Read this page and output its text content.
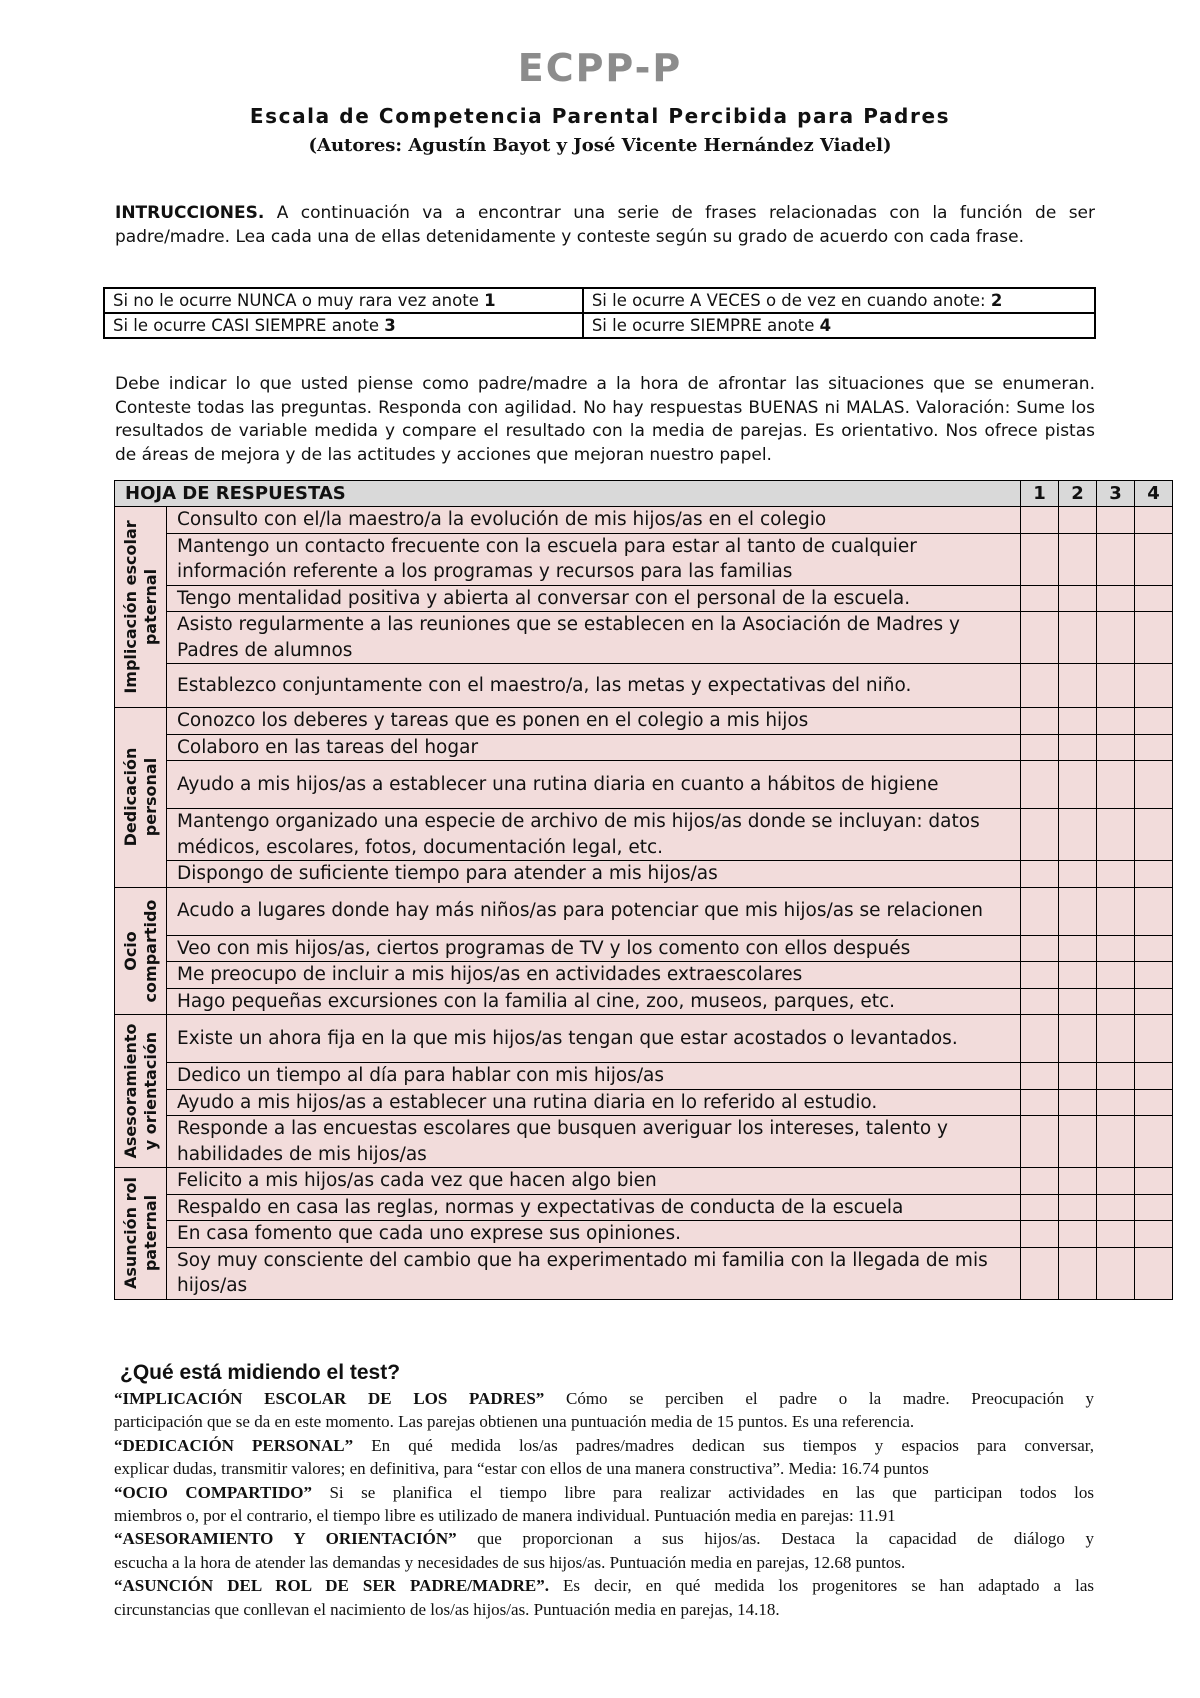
ECPP-P
Escala de Competencia Parental Percibida para Padres
(Autores: Agustín Bayot y José Vicente Hernández Viadel)
INTRUCCIONES. A continuación va a encontrar una serie de frases relacionadas con la función de ser padre/madre. Lea cada una de ellas detenidamente y conteste según su grado de acuerdo con cada frase.
Si no le ocurre NUNCA o muy rara vez anote 1	Si le ocurre A VECES o de vez en cuando anote: 2
Si le ocurre CASI SIEMPRE anote 3	Si le ocurre SIEMPRE anote 4
Debe indicar lo que usted piense como padre/madre a la hora de afrontar las situaciones que se enumeran. Conteste todas las preguntas. Responda con agilidad. No hay respuestas BUENAS ni MALAS. Valoración: Sume los resultados de variable medida y compare el resultado con la media de parejas. Es orientativo. Nos ofrece pistas de áreas de mejora y de las actitudes y acciones que mejoran nuestro papel.
HOJA DE RESPUESTAS		1	2	3	4

Implicación escolar paternal	Consulto con el/la maestro/a la evolución de mis hijos/as en el colegio				
	Mantengo un contacto frecuente con la escuela para estar al tanto de cualquier información referente a los programas y recursos para las familias				
	Tengo mentalidad positiva y abierta al conversar con el personal de la escuela.				
	Asisto regularmente a las reuniones que se establecen en la Asociación de Madres y Padres de alumnos				
	Establezco conjuntamente con el maestro/a, las metas y expectativas del niño.				

Dedicación personal	Conozco los deberes y tareas que es ponen en el colegio a mis hijos				
	Colaboro en las tareas del hogar				
	Ayudo a mis hijos/as a establecer una rutina diaria en cuanto a hábitos de higiene				
	Mantengo organizado una especie de archivo de mis hijos/as donde se incluyan: datos médicos, escolares, fotos, documentación legal, etc.				
	Dispongo de suficiente tiempo para atender a mis hijos/as				

Ocio compartido	Acudo a lugares donde hay más niños/as para potenciar que mis hijos/as se relacionen				
	Veo con mis hijos/as, ciertos programas de TV y los comento con ellos después				
	Me preocupo de incluir a mis hijos/as en actividades extraescolares				
	Hago pequeñas excursiones con la familia al cine, zoo, museos, parques, etc.				

Asesoramiento y orientación	Existe un ahora fija en la que mis hijos/as tengan que estar acostados o levantados.				
	Dedico un tiempo al día para hablar con mis hijos/as				
	Ayudo a mis hijos/as a establecer una rutina diaria en lo referido al estudio.				
	Responde a las encuestas escolares que busquen averiguar los intereses, talento y habilidades de mis hijos/as				

Asunción rol paternal	Felicito a mis hijos/as cada vez que hacen algo bien				
	Respaldo en casa las reglas, normas y expectativas de conducta de la escuela				
	En casa fomento que cada uno exprese sus opiniones.				
	Soy muy consciente del cambio que ha experimentado mi familia con la llegada de mis hijos/as				
¿Qué está midiendo el test?
“IMPLICACIÓN ESCOLAR DE LOS PADRES” Cómo se perciben el padre o la madre. Preocupación y
participación que se da en este momento. Las parejas obtienen una puntuación media de 15 puntos. Es una referencia.
“DEDICACIÓN PERSONAL” En qué medida los/as padres/madres dedican sus tiempos y espacios para conversar,
explicar dudas, transmitir valores; en definitiva, para “estar con ellos de una manera constructiva”. Media: 16.74 puntos
“OCIO COMPARTIDO” Si se planifica el tiempo libre para realizar actividades en las que participan todos los
miembros o, por el contrario, el tiempo libre es utilizado de manera individual. Puntuación media en parejas: 11.91
“ASESORAMIENTO Y ORIENTACIÓN” que proporcionan a sus hijos/as. Destaca la capacidad de diálogo y
escucha a la hora de atender las demandas y necesidades de sus hijos/as. Puntuación media en parejas, 12.68 puntos.
“ASUNCIÓN DEL ROL DE SER PADRE/MADRE”. Es decir, en qué medida los progenitores se han adaptado a las
circunstancias que conllevan el nacimiento de los/as hijos/as. Puntuación media en parejas, 14.18.
